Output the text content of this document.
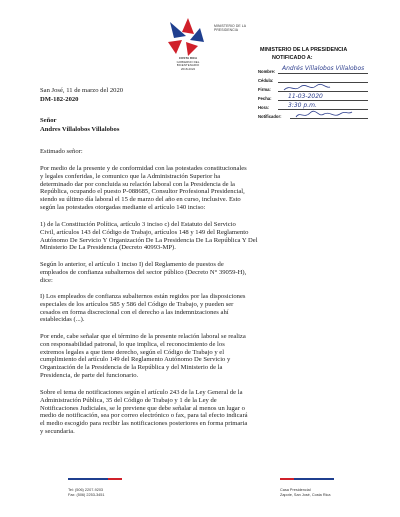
MINISTERIO DE LA
PRESIDENCIA
COSTA RICA
GOBIERNO DEL BICENTENARIO
2018-2022
MINISTERIO DE LA PRESIDENCIA
NOTIFICADO A:
Nombre: Andrés Villalobos Villalobos
Cédula:
Firma:
Fecha:	11-03-2020
Hora:	3:30 p.m.
Notificador:
San José, 11 de marzo del 2020
DM-182-2020
Señor
Andres Villalobos Villalobos
Estimado señor:
Por medio de la presente y de conformidad con las potestades constitucionales
y legales conferidas, le comunico que la Administración Superior ha
determinado dar por concluida su relación laboral con la Presidencia de la
República, ocupando el puesto P-088685, Consultor Profesional Presidencial,
siendo su último día laboral el 15 de marzo del año en curso, inclusive. Esto
según las potestades otorgadas mediante el artículo 140 inciso:
1) de la Constitución Política, artículo 3 inciso c) del Estatuto del Servicio
Civil, artículos 143 del Código de Trabajo, artículos 148 y 149 del Reglamento
Autónomo De Servicio Y Organización De La Presidencia De La República Y Del
Ministerio De La Presidencia (Decreto 40993-MP).
Según lo anterior, el artículo 1 inciso I) del Reglamento de puestos de
empleados de confianza subalternos del sector público (Decreto N° 39059-H),
dice:
I) Los empleados de confianza subalternos están regidos por las disposiciones
especiales de los artículos 585 y 586 del Código de Trabajo, y pueden ser
cesados en forma discrecional con el derecho a las indemnizaciones ahí
establecidas (...).
Por ende, cabe señalar que el término de la presente relación laboral se realiza
con responsabilidad patronal, lo que implica, el reconocimiento de los
extremos legales a que tiene derecho, según el Código de Trabajo y el
cumplimiento del artículo 149 del Reglamento Autónomo De Servicio y
Organización de la Presidencia de la República y del Ministerio de la
Presidencia, de parte del funcionario.
Sobre el tema de notificaciones según el artículo 243 de la Ley General de la
Administración Pública, 35 del Código de Trabajo y 1 de la Ley de
Notificaciones Judiciales, se le previene que debe señalar al menos un lugar o
medio de notificación, sea por correo electrónico o fax, para tal efecto indicará
el medio escogido para recibir las notificaciones posteriores en forma primaria
y secundaria.
Tel: (506) 2207-9203
Fax: (506) 2253-3451
Casa Presidencial
Zapote, San José, Costa Rica
